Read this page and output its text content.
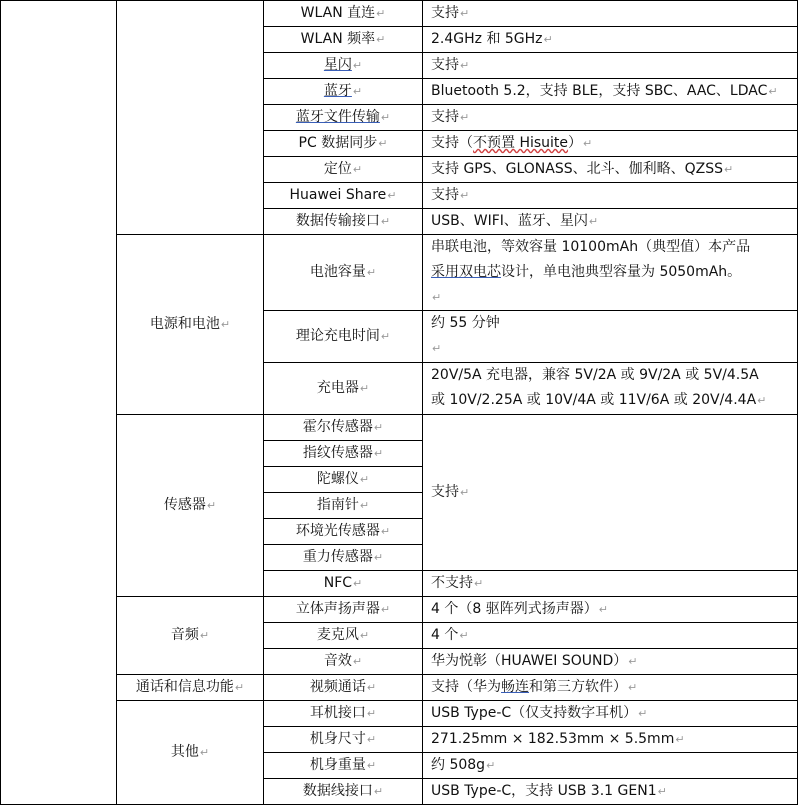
		WLAN 直连↵	支持↵
		WLAN 频率↵	2.4GHz 和 5GHz↵
		星闪↵	支持↵
		蓝牙↵	Bluetooth 5.2，支持 BLE，支持 SBC、AAC、LDAC↵
		蓝牙文件传输↵	支持↵
		PC 数据同步↵	支持（不预置 Hisuite）↵
		定位↵	支持 GPS、GLONASS、北斗、伽利略、QZSS↵
		Huawei Share↵	支持↵
		数据传输接口↵	USB、WIFI、蓝牙、星闪↵
	电源和电池↵	电池容量↵	串联电池，等效容量 10100mAh（典型值）本产品
采用双电芯设计，单电池典型容量为 5050mAh。
↵

		理论充电时间↵	约 55 分钟
↵

		充电器↵	20V/5A 充电器，兼容 5V/2A 或 9V/2A 或 5V/4.5A
或 10V/2.25A 或 10V/4A 或 11V/6A 或 20V/4.4A↵

	传感器↵	霍尔传感器↵	支持↵
		指纹传感器↵	
		陀螺仪↵	
		指南针↵	
		环境光传感器↵	
		重力传感器↵	
		NFC↵	不支持↵
	音频↵	立体声扬声器↵	4 个（8 驱阵列式扬声器）↵
		麦克风↵	4 个↵
		音效↵	华为悦彰（HUAWEI SOUND）↵
	通话和信息功能↵	视频通话↵	支持（华为畅连和第三方软件）↵
	其他↵	耳机接口↵	USB Type-C（仅支持数字耳机）↵
		机身尺寸↵	271.25mm × 182.53mm × 5.5mm↵
		机身重量↵	约 508g↵
		数据线接口↵	USB Type-C，支持 USB 3.1 GEN1↵
